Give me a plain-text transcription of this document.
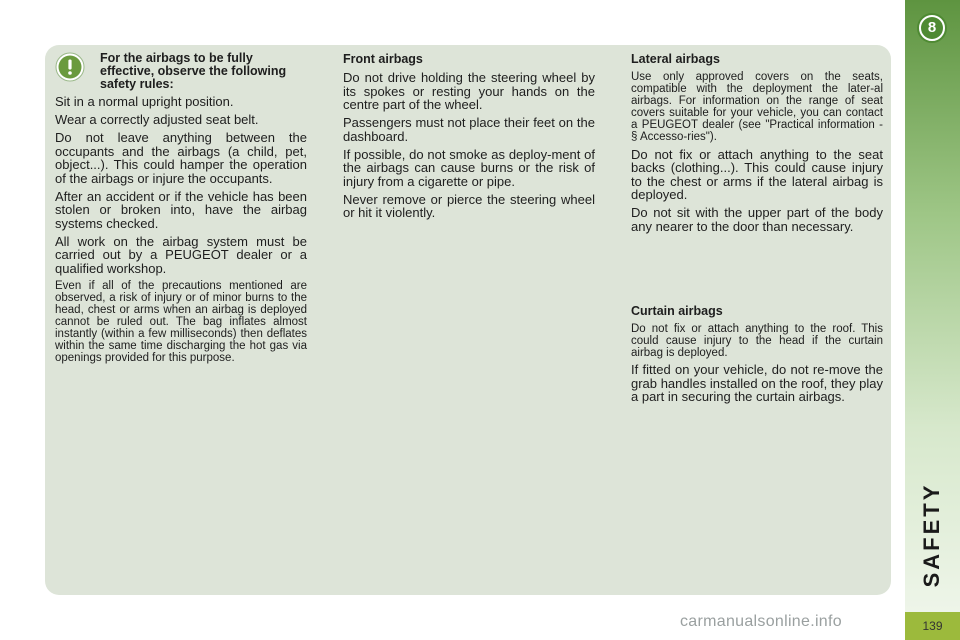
8
SAFETY
139
For the airbags to be fully effective, observe the following safety rules:

Sit in a normal upright position.

Wear a correctly adjusted seat belt.

Do not leave anything between the occupants and the airbags (a child, pet, object...). This could hamper the operation of the airbags or injure the occupants.

After an accident or if the vehicle has been stolen or broken into, have the airbag systems checked.

All work on the airbag system must be carried out by a PEUGEOT dealer or a qualified workshop.

Even if all of the precautions mentioned are observed, a risk of injury or of minor burns to the head, chest or arms when an airbag is deployed cannot be ruled out. The bag inflates almost instantly (within a few milliseconds) then deflates within the same time discharging the hot gas via openings provided for this purpose.

Front airbags

Do not drive holding the steering wheel by its spokes or resting your hands on the centre part of the wheel.

Passengers must not place their feet on the dashboard.

If possible, do not smoke as deploy-ment of the airbags can cause burns or the risk of injury from a cigarette or pipe.

Never remove or pierce the steering wheel or hit it violently.

Lateral airbags

Use only approved covers on the seats, compatible with the deployment the later-al airbags. For information on the range of seat covers suitable for your vehicle, you can contact a PEUGEOT dealer (see "Practical information - § Accesso-ries").

Do not fix or attach anything to the seat backs (clothing...). This could cause injury to the chest or arms if the lateral airbag is deployed.

Do not sit with the upper part of the body any nearer to the door than necessary.

Curtain airbags

Do not fix or attach anything to the roof. This could cause injury to the head if the curtain airbag is deployed.

If fitted on your vehicle, do not re-move the grab handles installed on the roof, they play a part in securing the curtain airbags.

carmanualsonline.info
